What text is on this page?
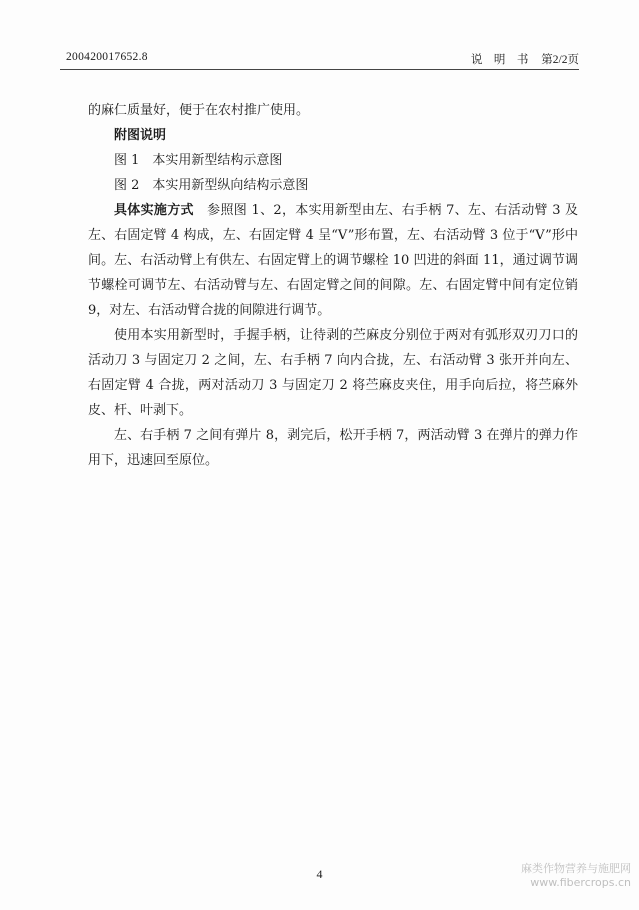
200420017652.8	说　明　书 第2/2页

的麻仁质量好，便于在农村推广使用。

附图说明

图 1　本实用新型结构示意图

图 2　本实用新型纵向结构示意图

具体实施方式　参照图 1、2，本实用新型由左、右手柄 7、左、右活动臂 3 及左、右固定臂 4 构成，左、右固定臂 4 呈“V”形布置，左、右活动臂 3 位于“V”形中间。左、右活动臂上有供左、右固定臂上的调节螺栓 10 凹进的斜面 11，通过调节调节螺栓可调节左、右活动臂与左、右固定臂之间的间隙。左、右固定臂中间有定位销 9，对左、右活动臂合拢的间隙进行调节。

使用本实用新型时，手握手柄，让待剥的苎麻皮分别位于两对有弧形双刃刀口的活动刀 3 与固定刀 2 之间，左、右手柄 7 向内合拢，左、右活动臂 3 张开并向左、右固定臂 4 合拢，两对活动刀 3 与固定刀 2 将苎麻皮夹住，用手向后拉，将苎麻外皮、杆、叶剥下。

左、右手柄 7 之间有弹片 8，剥完后，松开手柄 7，两活动臂 3 在弹片的弹力作用下，迅速回至原位。

4	麻类作物营养与施肥网
www.fibercrops.cn
